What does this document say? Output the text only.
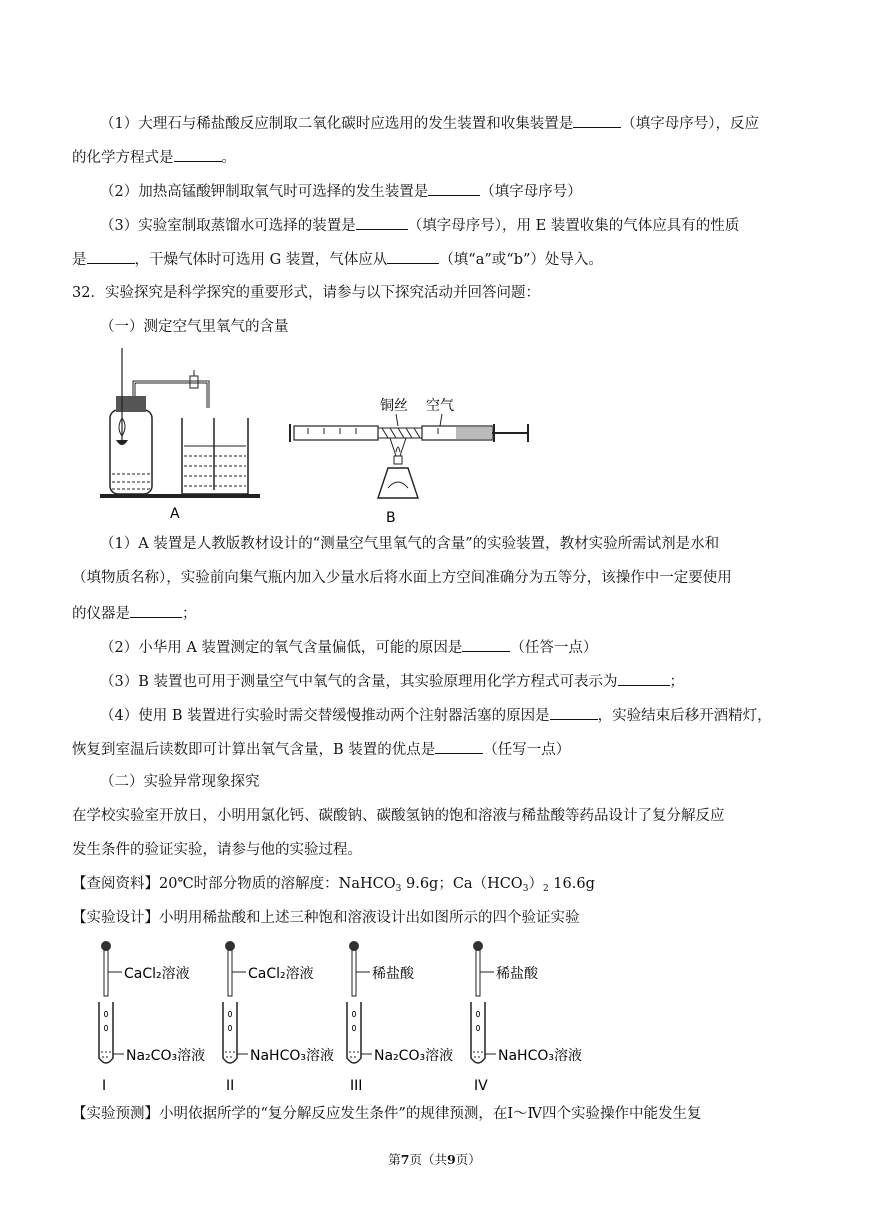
（1）大理石与稀盐酸反应制取二氧化碳时应选用的发生装置和收集装置是	（填字母序号），反应
的化学方程式是	。
（2）加热高锰酸钾制取氧气时可选择的发生装置是	（填字母序号）
（3）实验室制取蒸馏水可选择的装置是	（填字母序号），用 E 装置收集的气体应具有的性质
是	，干燥气体时可选用 G 装置，气体应从	（填“a”或“b”）处导入。
32．实验探究是科学探究的重要形式，请参与以下探究活动并回答问题：
（一）测定空气里氧气的含量
A
铜丝 空气
B
（1）A 装置是人教版教材设计的“测量空气里氧气的含量”的实验装置，教材实验所需试剂是水和
（填物质名称），实验前向集气瓶内加入少量水后将水面上方空间准确分为五等分，该操作中一定要使用
的仪器是	；
（2）小华用 A 装置测定的氧气含量偏低，可能的原因是	（任答一点）
（3）B 装置也可用于测量空气中氧气的含量，其实验原理用化学方程式可表示为	；
（4）使用 B 装置进行实验时需交替缓慢推动两个注射器活塞的原因是	，实验结束后移开酒精灯，
恢复到室温后读数即可计算出氧气含量，B 装置的优点是	（任写一点）
（二）实验异常现象探究
在学校实验室开放日，小明用氯化钙、碳酸钠、碳酸氢钠的饱和溶液与稀盐酸等药品设计了复分解反应
发生条件的验证实验，请参与他的实验过程。
【查阅资料】20℃时部分物质的溶解度：NaHCO$_3$ 9.6g；$Ca(HCO_3)_2$ 16.6g
【实验设计】小明用稀盐酸和上述三种饱和溶液设计出如图所示的四个验证实验
CaCl₂溶液
Na₂CO₃溶液
I
CaCl₂溶液
NaHCO₃溶液
II
稀盐酸
Na₂CO₃溶液
III
稀盐酸
NaHCO₃溶液
IV
【实验预测】小明依据所学的“复分解反应发生条件”的规律预测，在Ⅰ～Ⅳ四个实验操作中能发生复
第7页（共9页）
